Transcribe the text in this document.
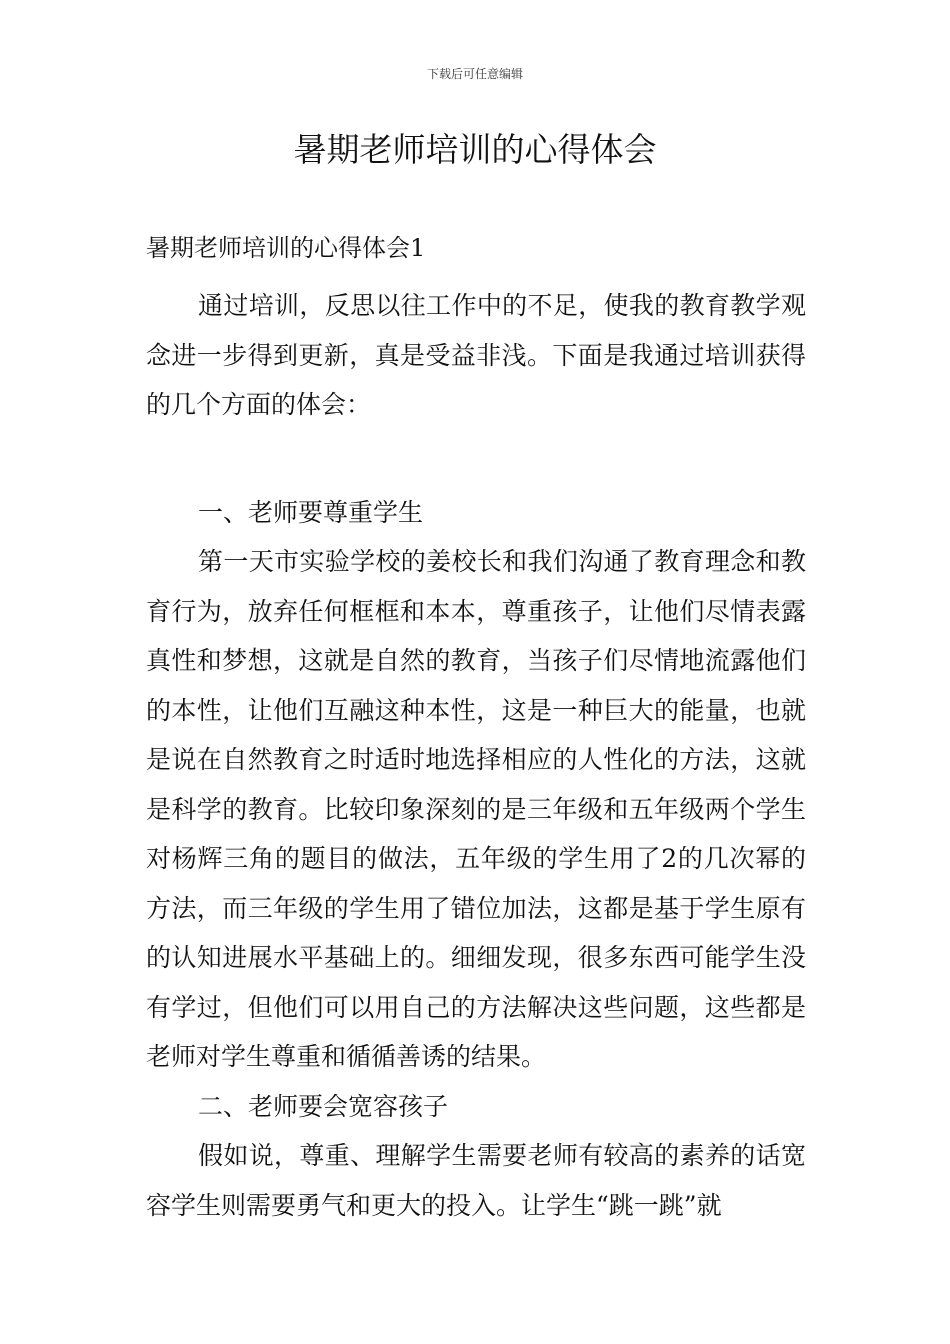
下载后可任意编辑
暑期老师培训的心得体会

暑期老师培训的心得体会1

通过培训，反思以往工作中的不足，使我的教育教学观念进一步得到更新，真是受益非浅。下面是我通过培训获得的几个方面的体会：

一、老师要尊重学生

第一天市实验学校的姜校长和我们沟通了教育理念和教育行为，放弃任何框框和本本，尊重孩子，让他们尽情表露真性和梦想，这就是自然的教育，当孩子们尽情地流露他们的本性，让他们互融这种本性，这是一种巨大的能量，也就是说在自然教育之时适时地选择相应的人性化的方法，这就是科学的教育。比较印象深刻的是三年级和五年级两个学生对杨辉三角的题目的做法，五年级的学生用了2的几次幂的方法，而三年级的学生用了错位加法，这都是基于学生原有的认知进展水平基础上的。细细发现，很多东西可能学生没有学过，但他们可以用自己的方法解决这些问题，这些都是老师对学生尊重和循循善诱的结果。

二、老师要会宽容孩子

假如说，尊重、理解学生需要老师有较高的素养的话宽容学生则需要勇气和更大的投入。让学生“跳一跳”就
